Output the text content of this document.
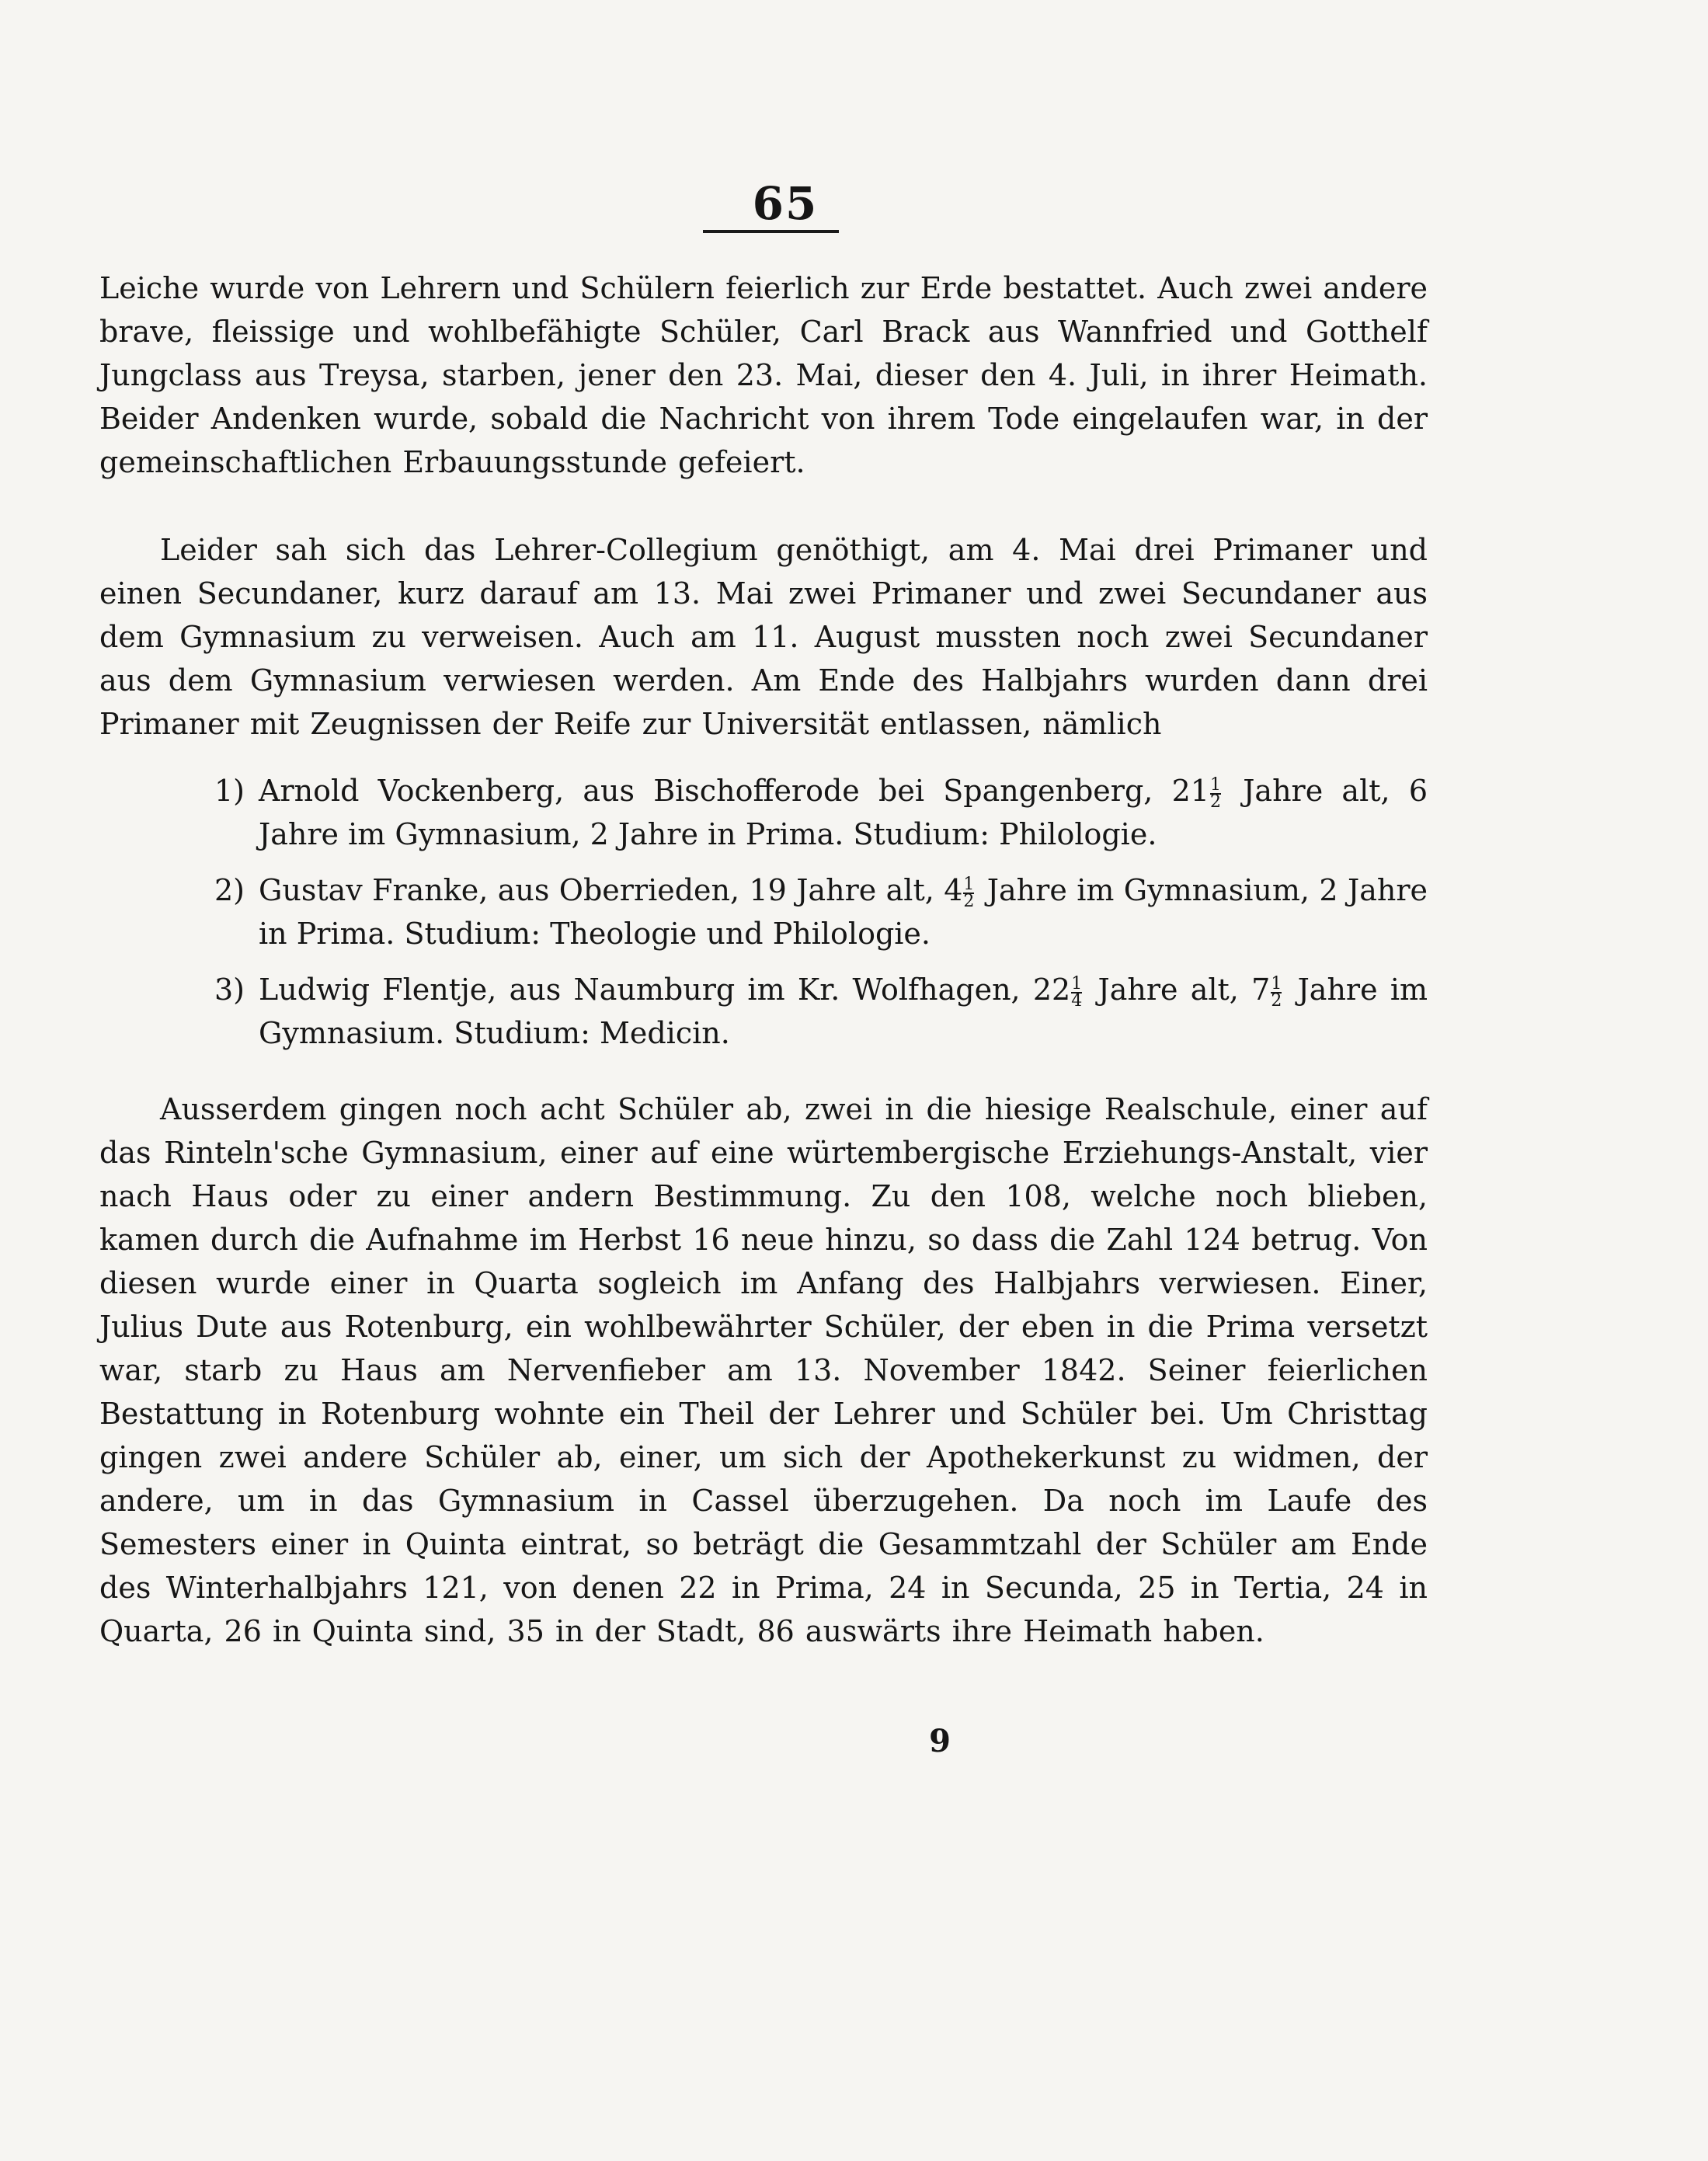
65

Leiche wurde von Lehrern und Schülern feierlich zur Erde bestattet. Auch zwei andere brave, fleissige und wohlbefähigte Schüler, Carl Brack aus Wannfried und Gotthelf Jungclass aus Treysa, starben, jener den 23. Mai, dieser den 4. Juli, in ihrer Heimath. Beider Andenken wurde, sobald die Nachricht von ihrem Tode eingelaufen war, in der gemeinschaftlichen Erbauungsstunde gefeiert.

Leider sah sich das Lehrer-Collegium genöthigt, am 4. Mai drei Primaner und einen Secundaner, kurz darauf am 13. Mai zwei Primaner und zwei Secundaner aus dem Gymnasium zu verweisen. Auch am 11. August mussten noch zwei Secundaner aus dem Gymnasium verwiesen werden. Am Ende des Halbjahrs wurden dann drei Primaner mit Zeugnissen der Reife zur Universität entlassen, nämlich

1) Arnold Vockenberg, aus Bischofferode bei Spangenberg, $21 \frac{1}{2}$ Jahre alt, 6 Jahre im Gymnasium, 2 Jahre in Prima. Studium: Philologie.
2) Gustav Franke, aus Oberrieden, 19 Jahre alt, $4 \frac{1}{2}$ Jahre im Gymnasium, 2 Jahre in Prima. Studium: Theologie und Philologie.
3) Ludwig Flentje, aus Naumburg im Kr. Wolfhagen, $22 \frac{1}{4}$ Jahre alt, $7 \frac{1}{2}$ Jahre im Gymnasium. Studium: Medicin.

Ausserdem gingen noch acht Schüler ab, zwei in die hiesige Realschule, einer auf das Rinteln'sche Gymnasium, einer auf eine würtembergische Erziehungs-Anstalt, vier nach Haus oder zu einer andern Bestimmung. Zu den 108, welche noch blieben, kamen durch die Aufnahme im Herbst 16 neue hinzu, so dass die Zahl 124 betrug. Von diesen wurde einer in Quarta sogleich im Anfang des Halbjahrs verwiesen. Einer, Julius Dute aus Rotenburg, ein wohlbewährter Schüler, der eben in die Prima versetzt war, starb zu Haus am Nervenfieber am 13. November 1842. Seiner feierlichen Bestattung in Rotenburg wohnte ein Theil der Lehrer und Schüler bei. Um Christtag gingen zwei andere Schüler ab, einer, um sich der Apothekerkunst zu widmen, der andere, um in das Gymnasium in Cassel überzugehen. Da noch im Laufe des Semesters einer in Quinta eintrat, so beträgt die Gesammtzahl der Schüler am Ende des Winterhalbjahrs 121, von denen 22 in Prima, 24 in Secunda, 25 in Tertia, 24 in Quarta, 26 in Quinta sind, 35 in der Stadt, 86 auswärts ihre Heimath haben.

9
